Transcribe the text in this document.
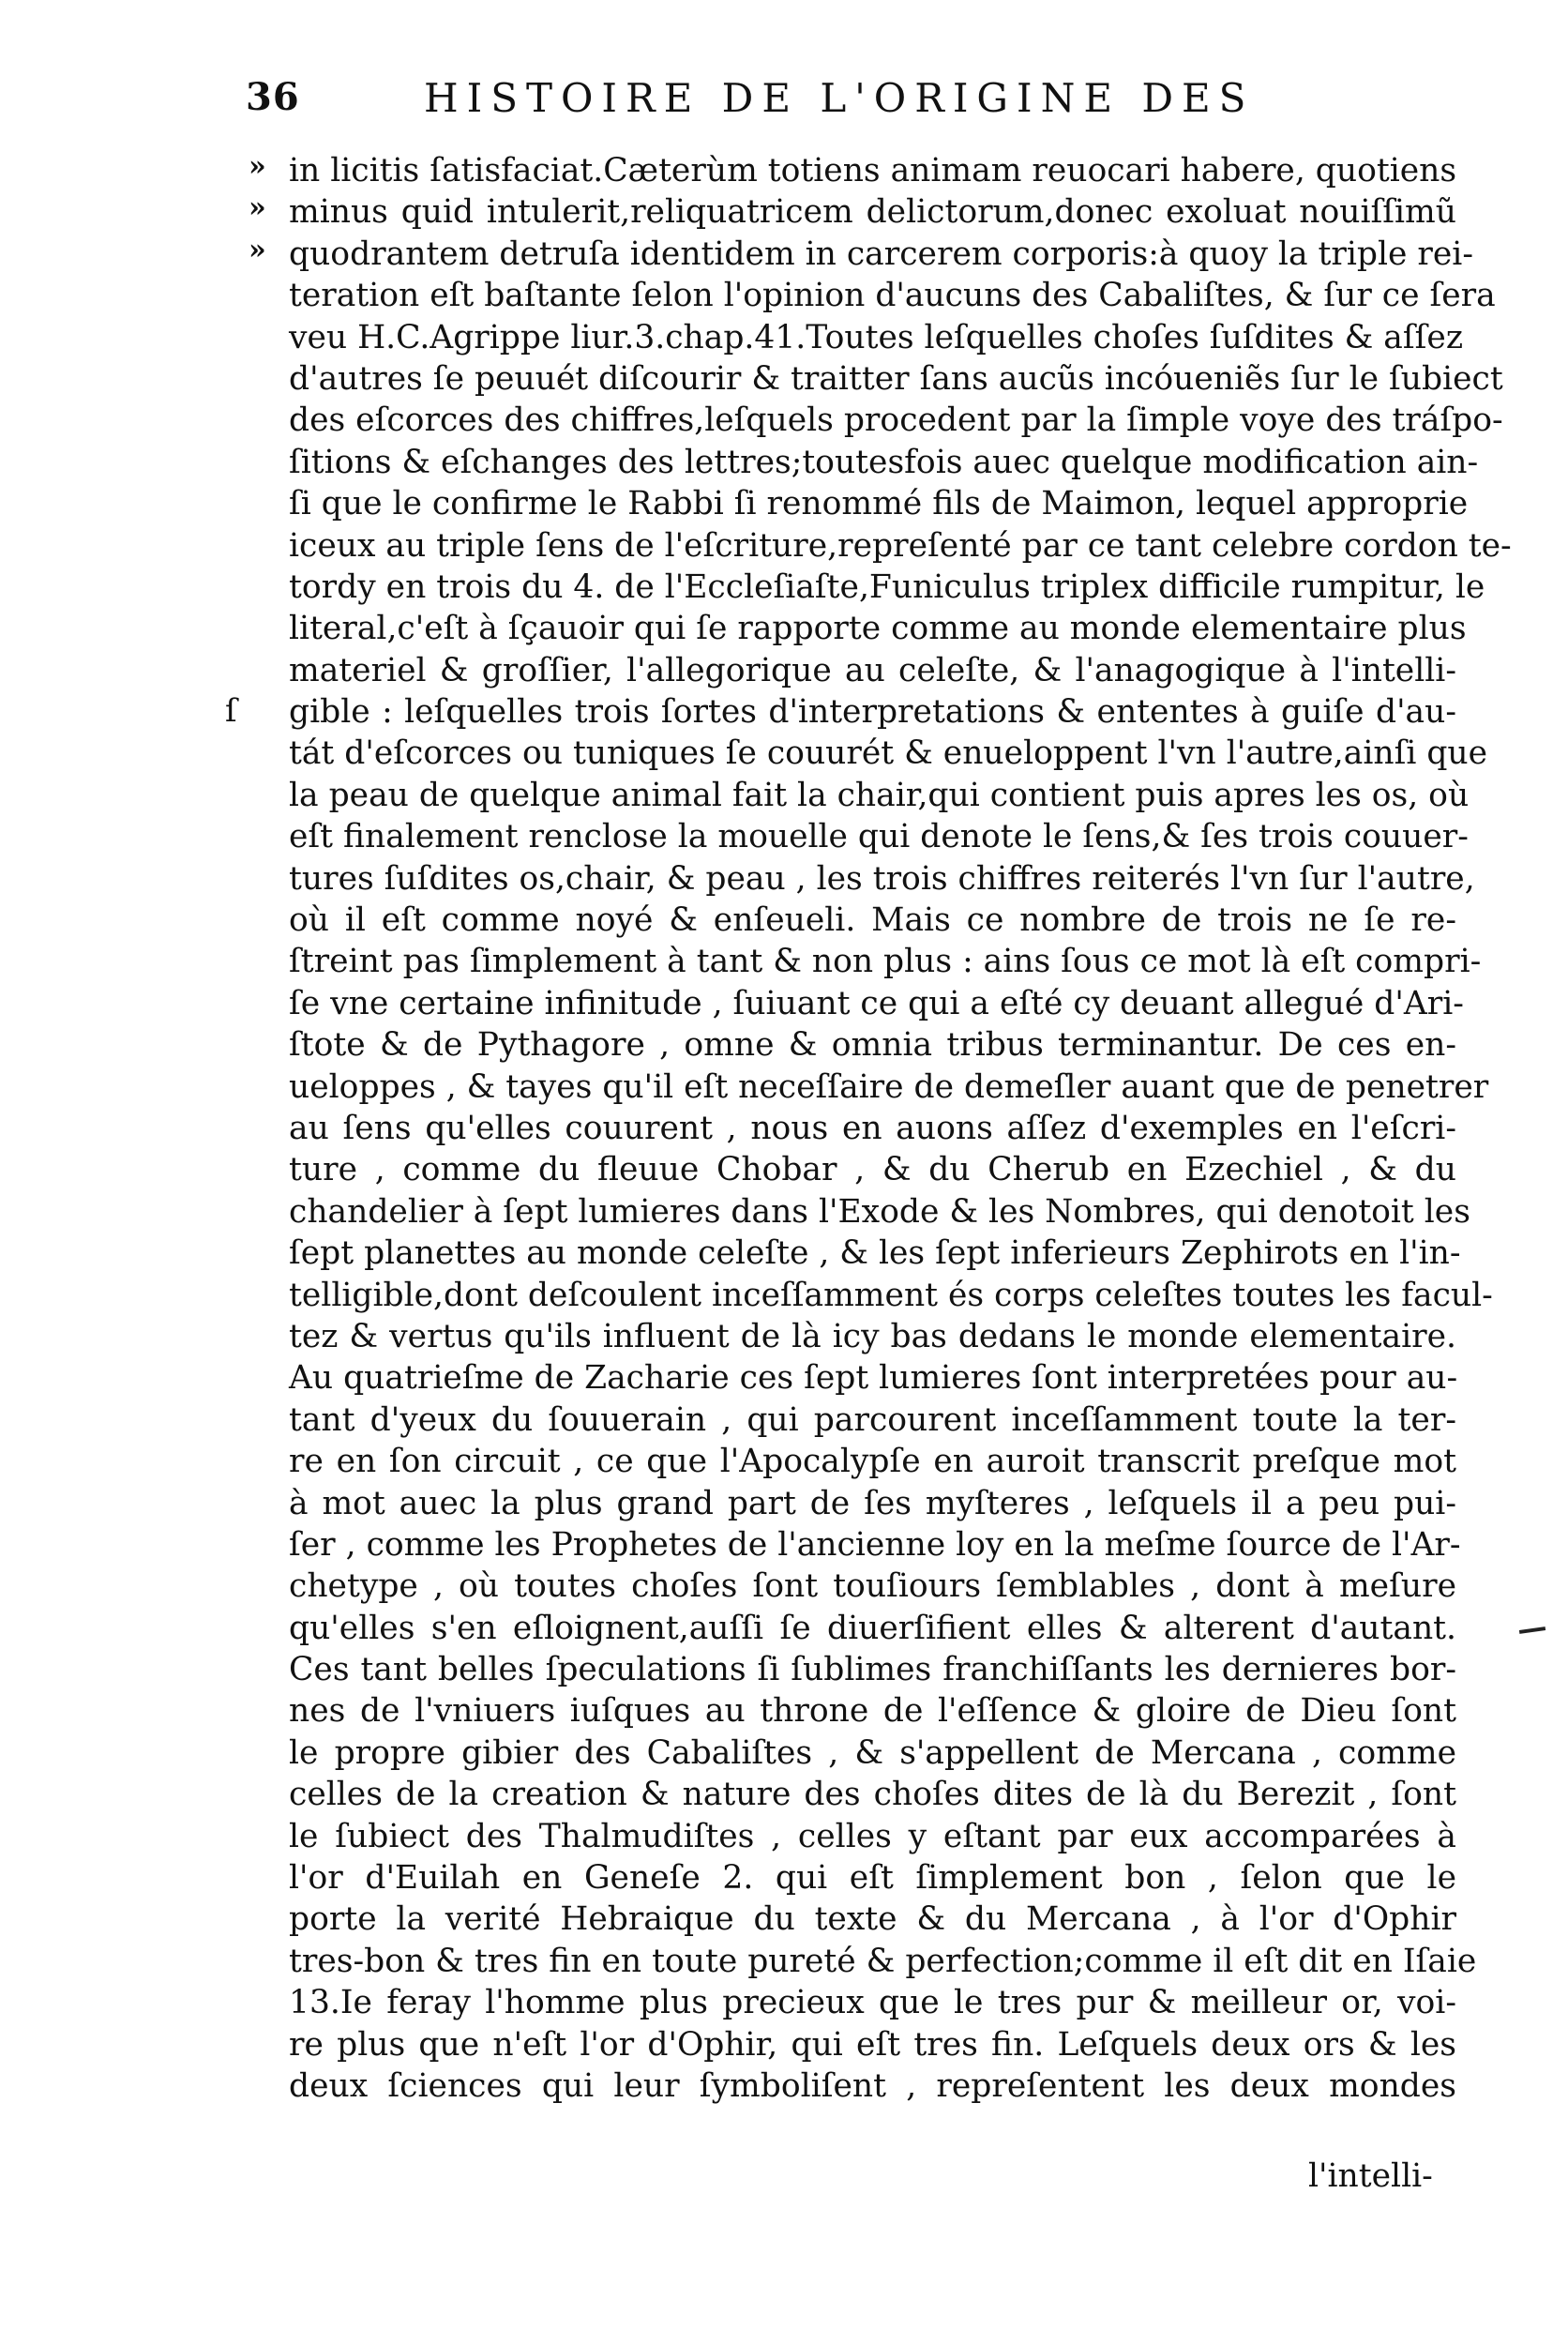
36	HISTOIRE DE L'ORIGINE DES
»
»
»
ſ
in licitis ſatisfaciat.Cæterùm totiens animam reuocari habere, quotiens
minus quid intulerit,reliquatricem delictorum,donec exoluat nouiſſimũ
quodrantem detruſa identidem in carcerem corporis:à quoy la triple rei-
teration eſt baſtante ſelon l'opinion d'aucuns des Cabaliſtes, & ſur ce ſera
veu H.C.Agrippe liur.3.chap.41.Toutes leſquelles choſes ſuſdites & aſſez
d'autres ſe peuuét diſcourir & traitter ſans aucũs incóueniẽs ſur le ſubiect
des eſcorces des chiffres,leſquels procedent par la ſimple voye des tráſpo-
ſitions & eſchanges des lettres;toutesfois auec quelque modification ain-
ſi que le confirme le Rabbi ſi renommé fils de Maimon, lequel approprie
iceux au triple ſens de l'eſcriture,repreſenté par ce tant celebre cordon te-
tordy en trois du 4. de l'Eccleſiaſte,Funiculus triplex difficile rumpitur, le
literal,c'eſt à ſçauoir qui ſe rapporte comme au monde elementaire plus
materiel & groſſier, l'allegorique au celeſte, & l'anagogique à l'intelli-
gible : leſquelles trois ſortes d'interpretations & ententes à guiſe d'au-
tát d'eſcorces ou tuniques ſe couurét & enueloppent l'vn l'autre,ainſi que
la peau de quelque animal fait la chair,qui contient puis apres les os, où
eſt finalement renclose la mouelle qui denote le ſens,& ſes trois couuer-
tures ſuſdites os,chair, & peau , les trois chiffres reiterés l'vn ſur l'autre,
où il eſt comme noyé & enſeueli. Mais ce nombre de trois ne ſe re-
ſtreint pas ſimplement à tant & non plus : ains ſous ce mot là eſt compri-
ſe vne certaine infinitude , ſuiuant ce qui a eſté cy deuant allegué d'Ari-
ſtote & de Pythagore , omne & omnia tribus terminantur. De ces en-
ueloppes , & tayes qu'il eſt neceſſaire de demeſler auant que de penetrer
au ſens qu'elles couurent , nous en auons aſſez d'exemples en l'eſcri-
ture , comme du fleuue Chobar , & du Cherub en Ezechiel , & du
chandelier à ſept lumieres dans l'Exode & les Nombres, qui denotoit les
ſept planettes au monde celeſte , & les ſept inferieurs Zephirots en l'in-
telligible,dont deſcoulent inceſſamment és corps celeſtes toutes les facul-
tez & vertus qu'ils influent de là icy bas dedans le monde elementaire.
Au quatrieſme de Zacharie ces ſept lumieres ſont interpretées pour au-
tant d'yeux du ſouuerain , qui parcourent inceſſamment toute la ter-
re en ſon circuit , ce que l'Apocalypſe en auroit transcrit preſque mot
à mot auec la plus grand part de ſes myſteres , leſquels il a peu pui-
ſer , comme les Prophetes de l'ancienne loy en la meſme ſource de l'Ar-
chetype , où toutes choſes ſont touſiours ſemblables , dont à meſure
qu'elles s'en eſloignent,auſſi ſe diuerſifient elles & alterent d'autant.
Ces tant belles ſpeculations ſi ſublimes franchiſſants les dernieres bor-
nes de l'vniuers iuſques au throne de l'eſſence & gloire de Dieu ſont
le propre gibier des Cabaliſtes , & s'appellent de Mercana , comme
celles de la creation & nature des choſes dites de là du Berezit , ſont
le ſubiect des Thalmudiſtes , celles y eſtant par eux accomparées à
l'or d'Euilah en Geneſe 2. qui eſt ſimplement bon , ſelon que le
porte la verité Hebraique du texte & du Mercana , à l'or d'Ophir
tres-bon & tres fin en toute pureté & perfection;comme il eſt dit en Iſaie
13.Ie feray l'homme plus precieux que le tres pur & meilleur or, voi-
re plus que n'eſt l'or d'Ophir, qui eſt tres fin. Leſquels deux ors & les
deux ſciences qui leur ſymboliſent , repreſentent les deux mondes
l'intelli-
